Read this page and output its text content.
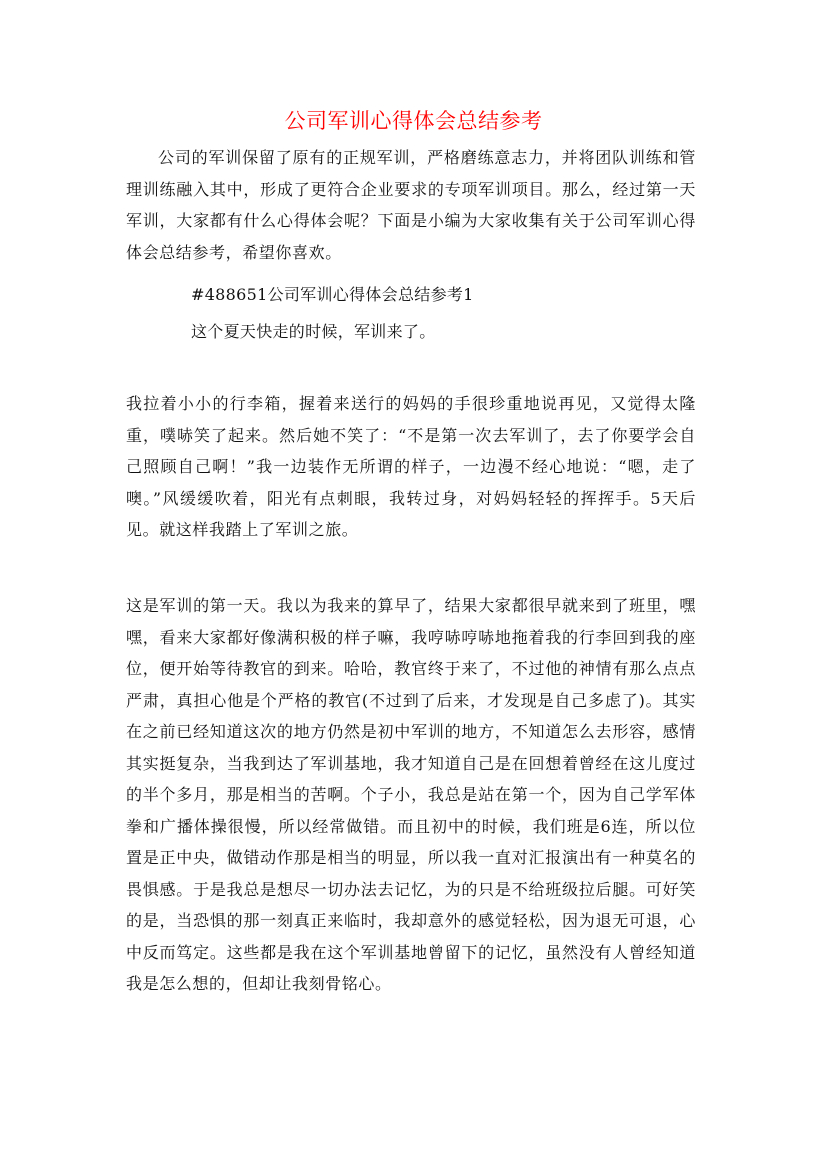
公司军训心得体会总结参考

公司的军训保留了原有的正规军训，严格磨练意志力，并将团队训练和管理训练融入其中，形成了更符合企业要求的专项军训项目。那么，经过第一天军训，大家都有什么心得体会呢？下面是小编为大家收集有关于公司军训心得体会总结参考，希望你喜欢。

#488651公司军训心得体会总结参考1

这个夏天快走的时候，军训来了。

我拉着小小的行李箱，握着来送行的妈妈的手很珍重地说再见，又觉得太隆重，噗哧笑了起来。然后她不笑了：“不是第一次去军训了，去了你要学会自己照顾自己啊！”我一边装作无所谓的样子，一边漫不经心地说：“嗯，走了噢。”风缓缓吹着，阳光有点刺眼，我转过身，对妈妈轻轻的挥挥手。5天后见。就这样我踏上了军训之旅。

这是军训的第一天。我以为我来的算早了，结果大家都很早就来到了班里，嘿嘿，看来大家都好像满积极的样子嘛，我哼哧哼哧地拖着我的行李回到我的座位，便开始等待教官的到来。哈哈，教官终于来了，不过他的神情有那么点点严肃，真担心他是个严格的教官(不过到了后来，才发现是自己多虑了)。其实在之前已经知道这次的地方仍然是初中军训的地方，不知道怎么去形容，感情其实挺复杂，当我到达了军训基地，我才知道自己是在回想着曾经在这儿度过的半个多月，那是相当的苦啊。个子小，我总是站在第一个，因为自己学军体拳和广播体操很慢，所以经常做错。而且初中的时候，我们班是6连，所以位置是正中央，做错动作那是相当的明显，所以我一直对汇报演出有一种莫名的畏惧感。于是我总是想尽一切办法去记忆，为的只是不给班级拉后腿。可好笑的是，当恐惧的那一刻真正来临时，我却意外的感觉轻松，因为退无可退，心中反而笃定。这些都是我在这个军训基地曾留下的记忆，虽然没有人曾经知道我是怎么想的，但却让我刻骨铭心。
